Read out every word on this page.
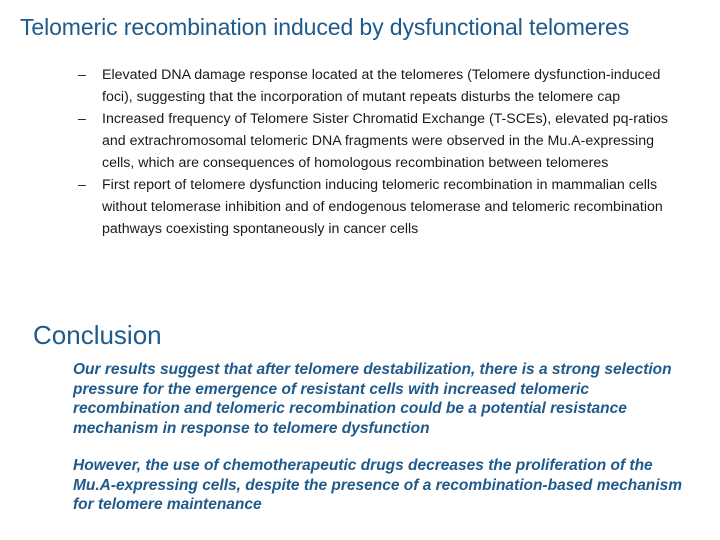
Telomeric recombination induced by dysfunctional telomeres
– Elevated DNA damage response located at the telomeres (Telomere dysfunction-induced foci), suggesting that the incorporation of mutant repeats disturbs the telomere cap
– Increased frequency of Telomere Sister Chromatid Exchange (T-SCEs), elevated pq-ratios and extrachromosomal telomeric DNA fragments were observed in the Mu.A-expressing cells, which are consequences of homologous recombination between telomeres
– First report of telomere dysfunction inducing telomeric recombination in mammalian cells without telomerase inhibition and of endogenous telomerase and telomeric recombination pathways coexisting spontaneously in cancer cells
Conclusion

Our results suggest that after telomere destabilization, there is a strong selection pressure for the emergence of resistant cells with increased telomeric recombination and telomeric recombination could be a potential resistance mechanism in response to telomere dysfunction

However, the use of chemotherapeutic drugs decreases the proliferation of the Mu.A-expressing cells, despite the presence of a recombination-based mechanism for telomere maintenance
